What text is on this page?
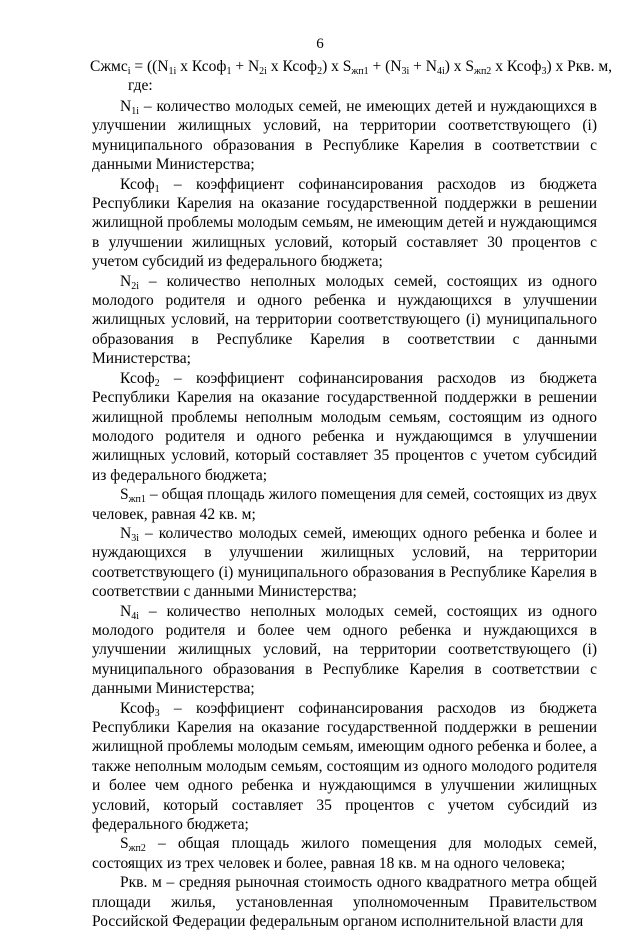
6
Сжмс$_i$ = (($N_{1i}$ х Ксоф$_1$ + $N_{2i}$ х Ксоф$_2$) х $S_{жп1} + (N_{3i} + N_{4i})$ х $S_{жп2}$ х Ксоф$_3$) х Ркв. м,
где:

$N_{1i}$ – количество молодых семей, не имеющих детей и нуждающихся в улучшении жилищных условий, на территории соответствующего (i) муниципального образования в Республике Карелия в соответствии с данными Министерства;

Ксоф$_1$ – коэффициент софинансирования расходов из бюджета Республики Карелия на оказание государственной поддержки в решении жилищной проблемы молодым семьям, не имеющим детей и нуждающимся в улучшении жилищных условий, который составляет 30 процентов с учетом субсидий из федерального бюджета;

$N_{2i}$ – количество неполных молодых семей, состоящих из одного молодого родителя и одного ребенка и нуждающихся в улучшении жилищных условий, на территории соответствующего (i) муниципального образования в Республике Карелия в соответствии с данными Министерства;

Ксоф$_2$ – коэффициент софинансирования расходов из бюджета Республики Карелия на оказание государственной поддержки в решении жилищной проблемы неполным молодым семьям, состоящим из одного молодого родителя и одного ребенка и нуждающимся в улучшении жилищных условий, который составляет 35 процентов с учетом субсидий из федерального бюджета;

$S_{жп1}$ – общая площадь жилого помещения для семей, состоящих из двух человек, равная 42 кв. м;

$N_{3i}$ – количество молодых семей, имеющих одного ребенка и более и нуждающихся в улучшении жилищных условий, на территории соответствующего (i) муниципального образования в Республике Карелия в соответствии с данными Министерства;

$N_{4i}$ – количество неполных молодых семей, состоящих из одного молодого родителя и более чем одного ребенка и нуждающихся в улучшении жилищных условий, на территории соответствующего (i) муниципального образования в Республике Карелия в соответствии с данными Министерства;

Ксоф$_3$ – коэффициент софинансирования расходов из бюджета Республики Карелия на оказание государственной поддержки в решении жилищной проблемы молодым семьям, имеющим одного ребенка и более, а также неполным молодым семьям, состоящим из одного молодого родителя и более чем одного ребенка и нуждающимся в улучшении жилищных условий, который составляет 35 процентов с учетом субсидий из федерального бюджета;

$S_{жп2}$ – общая площадь жилого помещения для молодых семей, состоящих из трех человек и более, равная 18 кв. м на одного человека;

Ркв. м – средняя рыночная стоимость одного квадратного метра общей площади жилья, установленная уполномоченным Правительством Российской Федерации федеральным органом исполнительной власти для
